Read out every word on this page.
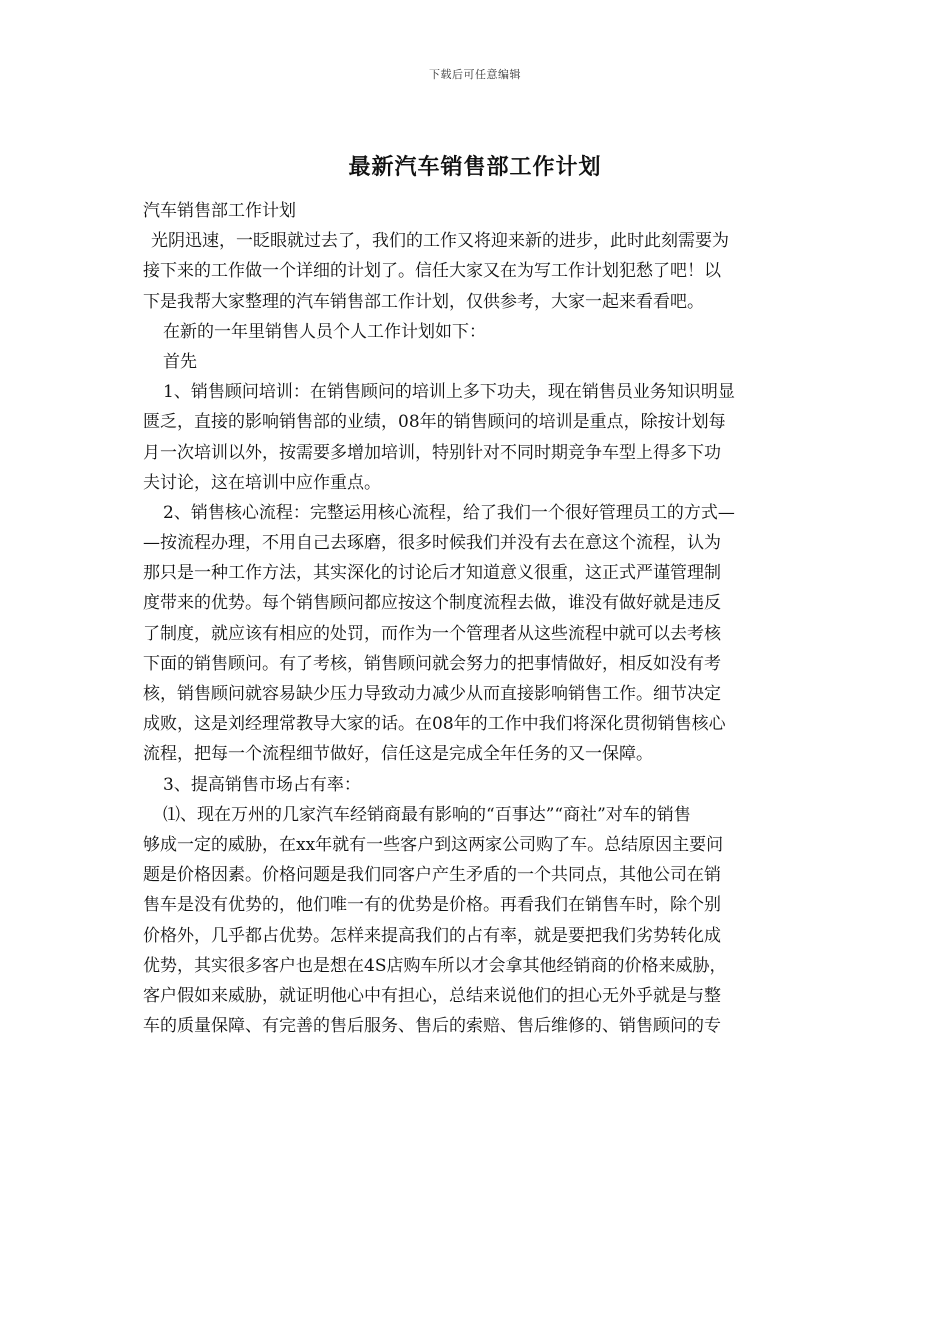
下载后可任意编辑
最新汽车销售部工作计划
汽车销售部工作计划
光阴迅速，一眨眼就过去了，我们的工作又将迎来新的进步，此时此刻需要为
接下来的工作做一个详细的计划了。信任大家又在为写工作计划犯愁了吧！以
下是我帮大家整理的汽车销售部工作计划，仅供参考，大家一起来看看吧。
在新的一年里销售人员个人工作计划如下：
首先
1、销售顾问培训：在销售顾问的培训上多下功夫，现在销售员业务知识明显
匮乏，直接的影响销售部的业绩，08年的销售顾问的培训是重点，除按计划每
月一次培训以外，按需要多增加培训，特别针对不同时期竞争车型上得多下功
夫讨论，这在培训中应作重点。
2、销售核心流程：完整运用核心流程，给了我们一个很好管理员工的方式—
—按流程办理，不用自己去琢磨，很多时候我们并没有去在意这个流程，认为
那只是一种工作方法，其实深化的讨论后才知道意义很重，这正式严谨管理制
度带来的优势。每个销售顾问都应按这个制度流程去做，谁没有做好就是违反
了制度，就应该有相应的处罚，而作为一个管理者从这些流程中就可以去考核
下面的销售顾问。有了考核，销售顾问就会努力的把事情做好，相反如没有考
核，销售顾问就容易缺少压力导致动力减少从而直接影响销售工作。细节决定
成败，这是刘经理常教导大家的话。在08年的工作中我们将深化贯彻销售核心
流程，把每一个流程细节做好，信任这是完成全年任务的又一保障。
3、提高销售市场占有率：
⑴、现在万州的几家汽车经销商最有影响的“百事达”“商社”对车的销售
够成一定的威胁，在xx年就有一些客户到这两家公司购了车。总结原因主要问
题是价格因素。价格问题是我们同客户产生矛盾的一个共同点，其他公司在销
售车是没有优势的，他们唯一有的优势是价格。再看我们在销售车时，除个别
价格外，几乎都占优势。怎样来提高我们的占有率，就是要把我们劣势转化成
优势，其实很多客户也是想在4S店购车所以才会拿其他经销商的价格来威胁，
客户假如来威胁，就证明他心中有担心，总结来说他们的担心无外乎就是与整
车的质量保障、有完善的售后服务、售后的索赔、售后维修的、销售顾问的专
